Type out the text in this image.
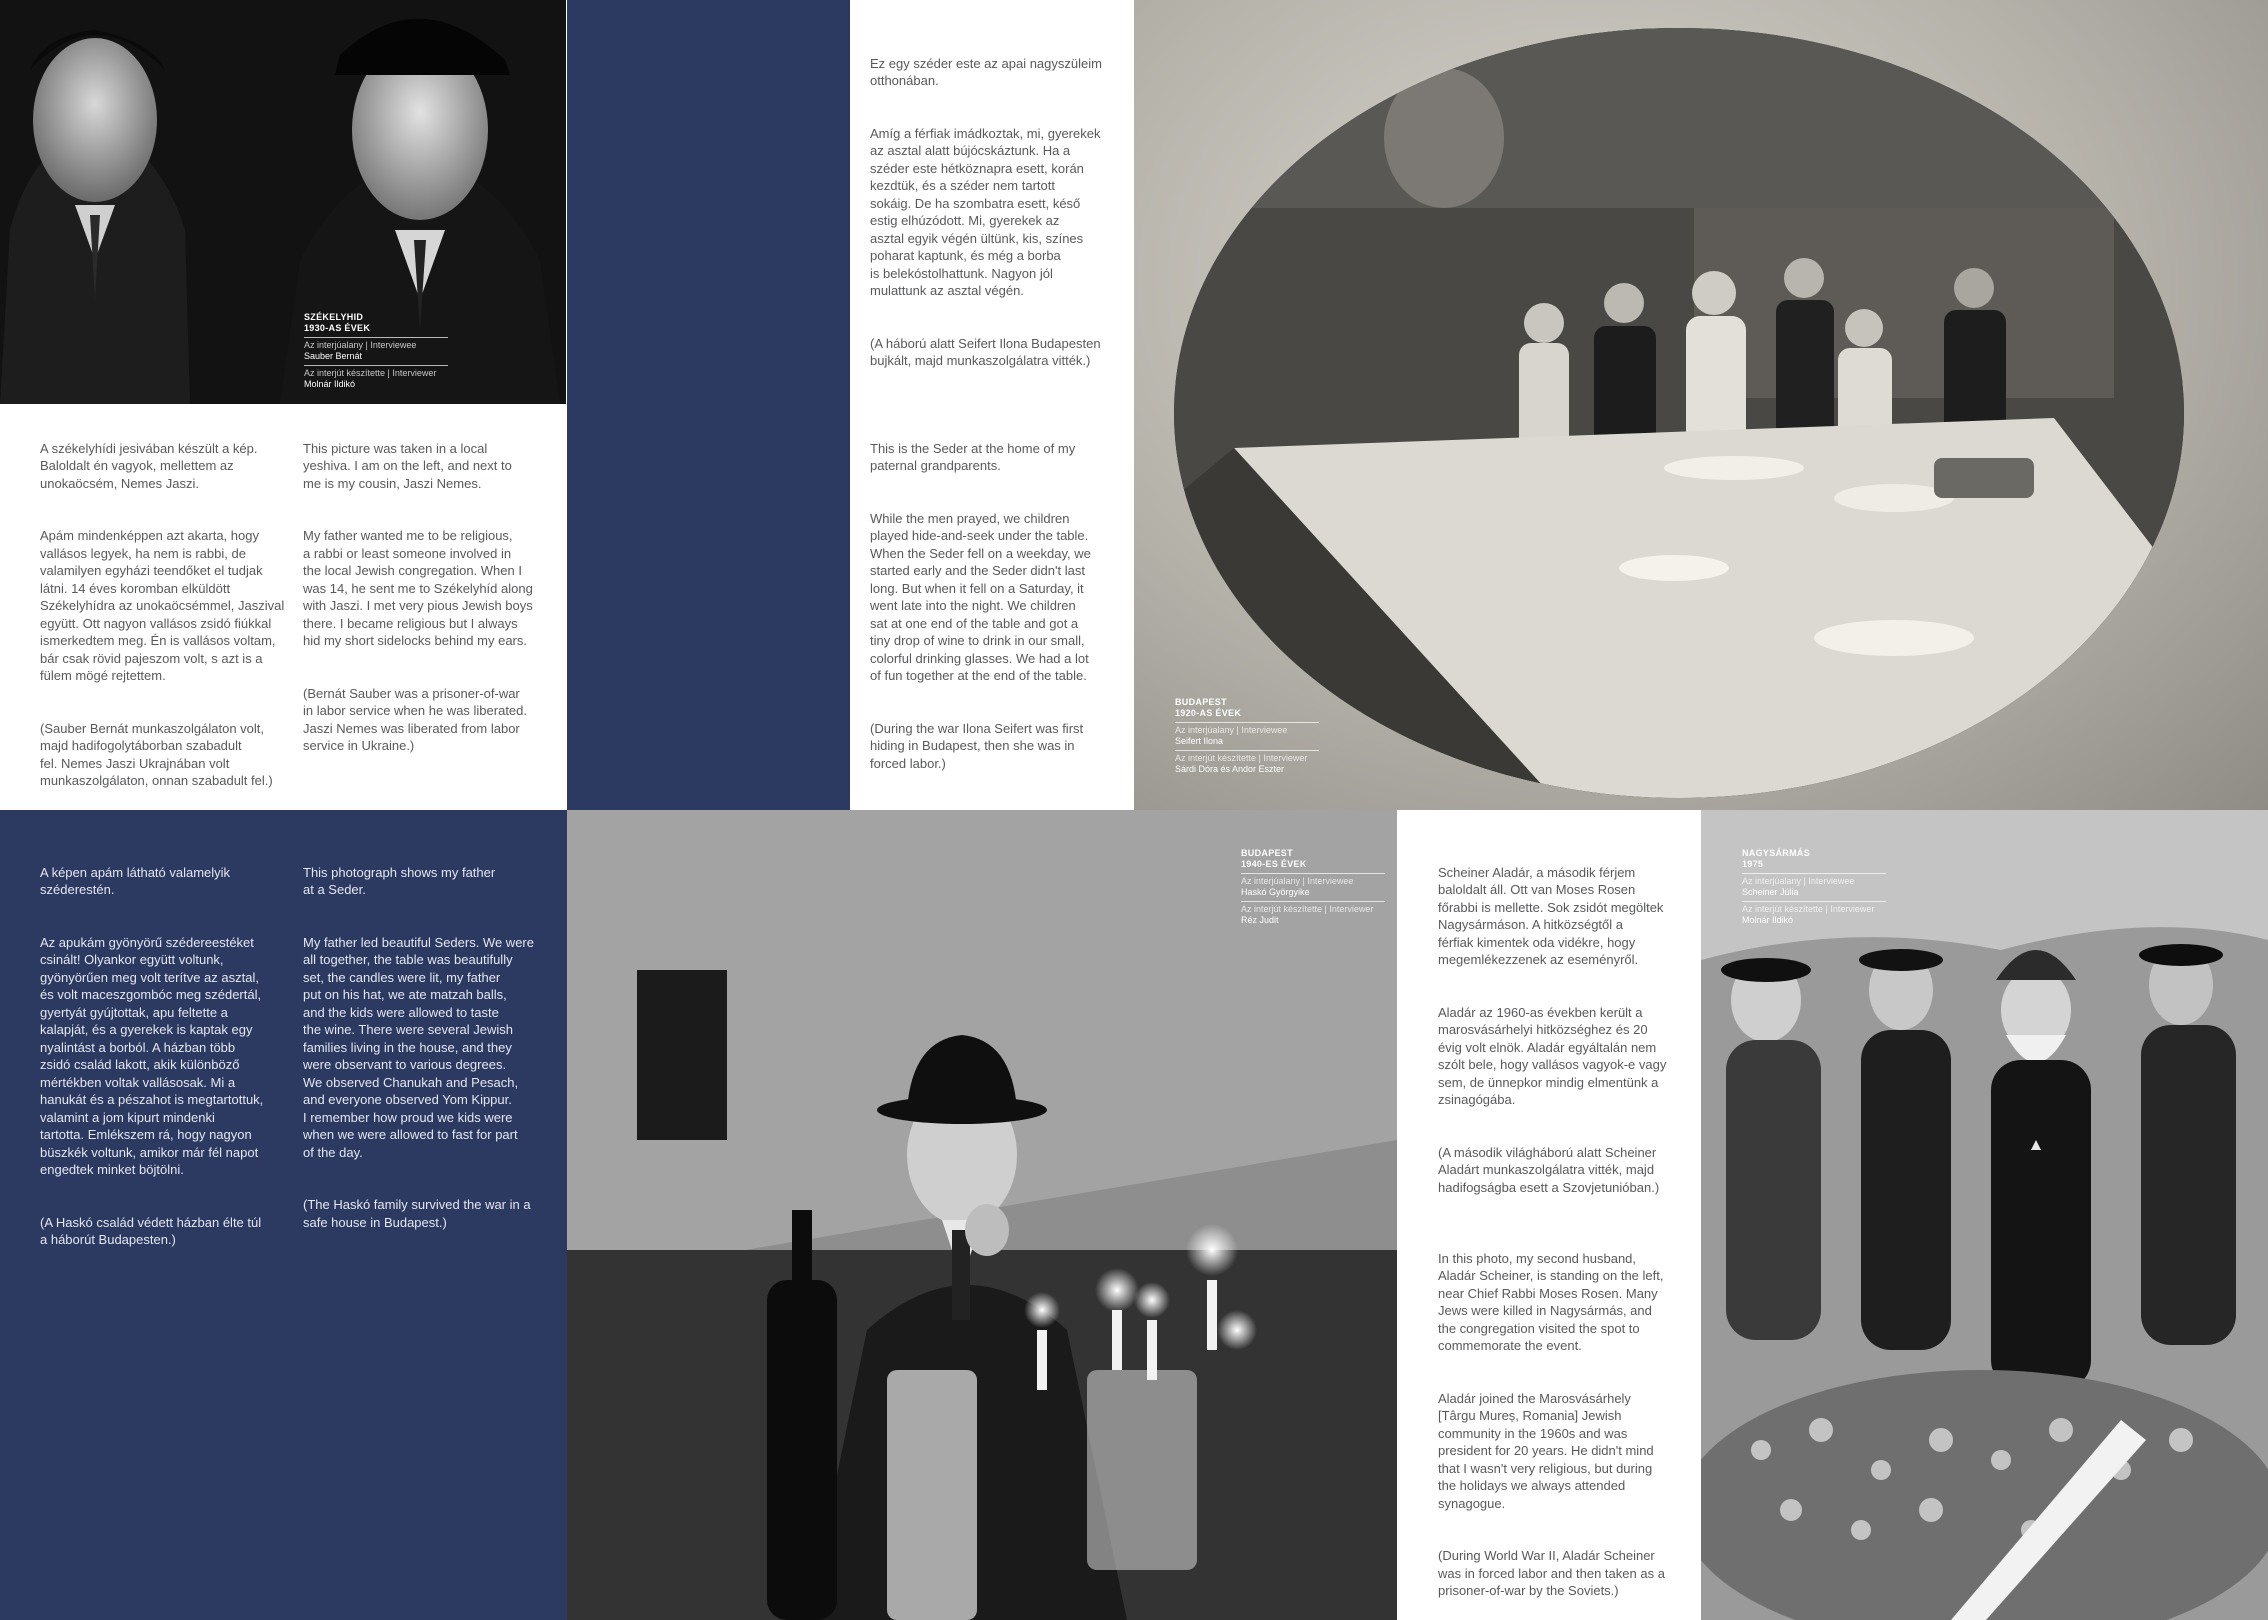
SZÉKELYHID
1930-AS ÉVEK
Az interjúalany | Interviewee
Sauber Bernát
Az interjút készítette | Interviewer
Molnár Ildikó

Ez egy széder este az apai nagyszüleim
otthonában.

Amíg a férfiak imádkoztak, mi, gyerekek
az asztal alatt bújócskáztunk. Ha a
széder este hétköznapra esett, korán
kezdtük, és a széder nem tartott
sokáig. De ha szombatra esett, késő
estig elhúzódott. Mi, gyerekek az
asztal egyik végén ültünk, kis, színes
poharat kaptunk, és még a borba
is belekóstolhattunk. Nagyon jól
mulattunk az asztal végén.

(A háború alatt Seifert Ilona Budapesten
bujkált, majd munkaszolgálatra vitték.)

This is the Seder at the home of my
paternal grandparents.

While the men prayed, we children
played hide-and-seek under the table.
When the Seder fell on a weekday, we
started early and the Seder didn't last
long. But when it fell on a Saturday, it
went late into the night. We children
sat at one end of the table and got a
tiny drop of wine to drink in our small,
colorful drinking glasses. We had a lot
of fun together at the end of the table.

(During the war Ilona Seifert was first
hiding in Budapest, then she was in
forced labor.)

BUDAPEST
1920-AS ÉVEK
Az interjúalany | Interviewee
Seifert Ilona
Az interjút készítette | Interviewer
Sárdi Dóra és Andor Eszter

A székelyhídi jesivában készült a kép.
Baloldalt én vagyok, mellettem az
unokaöcsém, Nemes Jaszi.

Apám mindenképpen azt akarta, hogy
vallásos legyek, ha nem is rabbi, de
valamilyen egyházi teendőket el tudjak
látni. 14 éves koromban elküldött
Székelyhídra az unokaöcsémmel, Jaszival
együtt. Ott nagyon vallásos zsidó fiúkkal
ismerkedtem meg. Én is vallásos voltam,
bár csak rövid pajeszom volt, s azt is a
fülem mögé rejtettem.

(Sauber Bernát munkaszolgálaton volt,
majd hadifogolytáborban szabadult
fel. Nemes Jaszi Ukrajnában volt
munkaszolgálaton, onnan szabadult fel.)

This picture was taken in a local
yeshiva. I am on the left, and next to
me is my cousin, Jaszi Nemes.

My father wanted me to be religious,
a rabbi or least someone involved in
the local Jewish congregation. When I
was 14, he sent me to Székelyhíd along
with Jaszi. I met very pious Jewish boys
there. I became religious but I always
hid my short sidelocks behind my ears.

(Bernát Sauber was a prisoner-of-war
in labor service when he was liberated.
Jaszi Nemes was liberated from labor
service in Ukraine.)

A képen apám látható valamelyik
széderestén.

Az apukám gyönyörű szédereestéket
csinált! Olyankor együtt voltunk,
gyönyörűen meg volt terítve az asztal,
és volt maceszgombóc meg szédertál,
gyertyát gyújtottak, apu feltette a
kalapját, és a gyerekek is kaptak egy
nyalintást a borból. A házban több
zsidó család lakott, akik különböző
mértékben voltak vallásosak. Mi a
hanukát és a pészahot is megtartottuk,
valamint a jom kipurt mindenki
tartotta. Emlékszem rá, hogy nagyon
büszkék voltunk, amikor már fél napot
engedtek minket böjtölni.

(A Haskó család védett házban élte túl
a háborút Budapesten.)

This photograph shows my father
at a Seder.

My father led beautiful Seders. We were
all together, the table was beautifully
set, the candles were lit, my father
put on his hat, we ate matzah balls,
and the kids were allowed to taste
the wine. There were several Jewish
families living in the house, and they
were observant to various degrees.
We observed Chanukah and Pesach,
and everyone observed Yom Kippur.
I remember how proud we kids were
when we were allowed to fast for part
of the day.

(The Haskó family survived the war in a
safe house in Budapest.)

BUDAPEST
1940-ES ÉVEK
Az interjúalany | Interviewee
Haskó Györgyike
Az interjút készítette | Interviewer
Réz Judit

Scheiner Aladár, a második férjem
baloldalt áll. Ott van Moses Rosen
főrabbi is mellette. Sok zsidót megöltek
Nagysármáson. A hitközségtől a
férfiak kimentek oda vidékre, hogy
megemlékezzenek az eseményről.

Aladár az 1960-as években került a
marosvásárhelyi hitközséghez és 20
évig volt elnök. Aladár egyáltalán nem
szólt bele, hogy vallásos vagyok-e vagy
sem, de ünnepkor mindig elmentünk a
zsinagógába.

(A második világháború alatt Scheiner
Aladárt munkaszolgálatra vitték, majd
hadifogságba esett a Szovjetunióban.)

In this photo, my second husband,
Aladár Scheiner, is standing on the left,
near Chief Rabbi Moses Rosen. Many
Jews were killed in Nagysármás, and
the congregation visited the spot to
commemorate the event.

Aladár joined the Marosvásárhely
[Târgu Mureș, Romania] Jewish
community in the 1960s and was
president for 20 years. He didn't mind
that I wasn't very religious, but during
the holidays we always attended
synagogue.

(During World War II, Aladár Scheiner
was in forced labor and then taken as a
prisoner-of-war by the Soviets.)

NAGYSÁRMÁS
1975
Az interjúalany | Interviewee
Scheiner Júlia
Az interjút készítette | Interviewer
Molnár Ildikó
